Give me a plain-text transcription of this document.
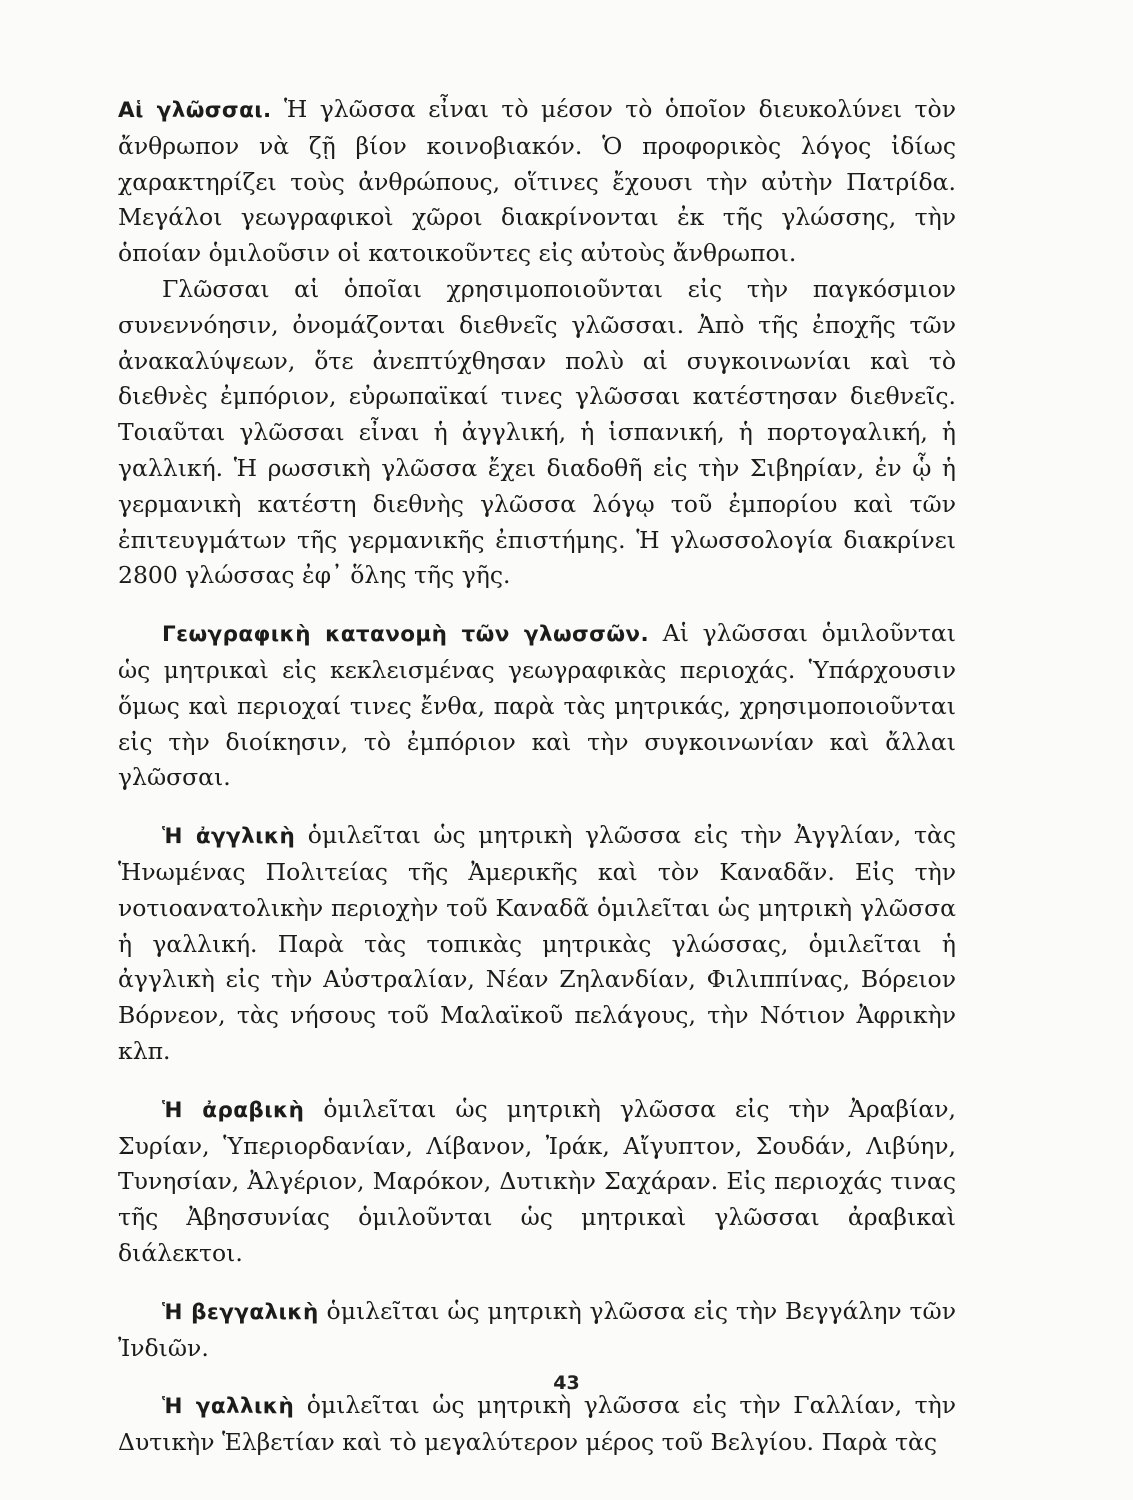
Αἱ γλῶσσαι. Ἡ γλῶσσα εἶναι τὸ μέσον τὸ ὁποῖον διευκολύνει τὸν ἄνθρωπον νὰ ζῇ βίον κοινοβιακόν. Ὁ προφορικὸς λόγος ἰδίως χαρακτηρίζει τοὺς ἀνθρώπους, οἵτινες ἔχουσι τὴν αὐτὴν Πατρίδα. Μεγάλοι γεωγραφικοὶ χῶροι διακρίνονται ἐκ τῆς γλώσσης, τὴν ὁποίαν ὁμιλοῦσιν οἱ κατοικοῦντες εἰς αὐτοὺς ἄνθρωποι.

Γλῶσσαι αἱ ὁποῖαι χρησιμοποιοῦνται εἰς τὴν παγκόσμιον συνεννόησιν, ὀνομάζονται διεθνεῖς γλῶσσαι. Ἀπὸ τῆς ἐποχῆς τῶν ἀνακαλύψεων, ὅτε ἀνεπτύχθησαν πολὺ αἱ συγκοινωνίαι καὶ τὸ διεθνὲς ἐμπόριον, εὐρωπαϊκαί τινες γλῶσσαι κατέστησαν διεθνεῖς. Τοιαῦται γλῶσσαι εἶναι ἡ ἀγγλική, ἡ ἱσπανική, ἡ πορτογαλική, ἡ γαλλική. Ἡ ρωσσικὴ γλῶσσα ἔχει διαδοθῆ εἰς τὴν Σιβηρίαν, ἐν ᾧ ἡ γερμανικὴ κατέστη διεθνὴς γλῶσσα λόγῳ τοῦ ἐμπορίου καὶ τῶν ἐπιτευγμάτων τῆς γερμανικῆς ἐπιστήμης. Ἡ γλωσσολογία διακρίνει 2800 γλώσσας ἐφ᾽ ὅλης τῆς γῆς.

Γεωγραφικὴ κατανομὴ τῶν γλωσσῶν. Αἱ γλῶσσαι ὁμιλοῦνται ὡς μητρικαὶ εἰς κεκλεισμένας γεωγραφικὰς περιοχάς. Ὑπάρχουσιν ὅμως καὶ περιοχαί τινες ἔνθα, παρὰ τὰς μητρικάς, χρησιμοποιοῦνται εἰς τὴν διοίκησιν, τὸ ἐμπόριον καὶ τὴν συγκοινωνίαν καὶ ἄλλαι γλῶσσαι.

Ἡ ἀγγλικὴ ὁμιλεῖται ὡς μητρικὴ γλῶσσα εἰς τὴν Ἀγγλίαν, τὰς Ἡνωμένας Πολιτείας τῆς Ἀμερικῆς καὶ τὸν Καναδᾶν. Εἰς τὴν νοτιοανατολικὴν περιοχὴν τοῦ Καναδᾶ ὁμιλεῖται ὡς μητρικὴ γλῶσσα ἡ γαλλική. Παρὰ τὰς τοπικὰς μητρικὰς γλώσσας, ὁμιλεῖται ἡ ἀγγλικὴ εἰς τὴν Αὐστραλίαν, Νέαν Ζηλανδίαν, Φιλιππίνας, Βόρειον Βόρνεον, τὰς νήσους τοῦ Μαλαϊκοῦ πελάγους, τὴν Νότιον Ἀφρικὴν κλπ.

Ἡ ἀραβικὴ ὁμιλεῖται ὡς μητρικὴ γλῶσσα εἰς τὴν Ἀραβίαν, Συρίαν, Ὑπεριορδανίαν, Λίβανον, Ἰράκ, Αἴγυπτον, Σουδάν, Λιβύην, Τυνησίαν, Ἀλγέριον, Μαρόκον, Δυτικὴν Σαχάραν. Εἰς περιοχάς τινας τῆς Ἀβησσυνίας ὁμιλοῦνται ὡς μητρικαὶ γλῶσσαι ἀραβικαὶ διάλεκτοι.

Ἡ βεγγαλικὴ ὁμιλεῖται ὡς μητρικὴ γλῶσσα εἰς τὴν Βεγγάλην τῶν Ἰνδιῶν.

Ἡ γαλλικὴ ὁμιλεῖται ὡς μητρικὴ γλῶσσα εἰς τὴν Γαλλίαν, τὴν Δυτικὴν Ἑλβετίαν καὶ τὸ μεγαλύτερον μέρος τοῦ Βελγίου. Παρὰ τὰς

43
